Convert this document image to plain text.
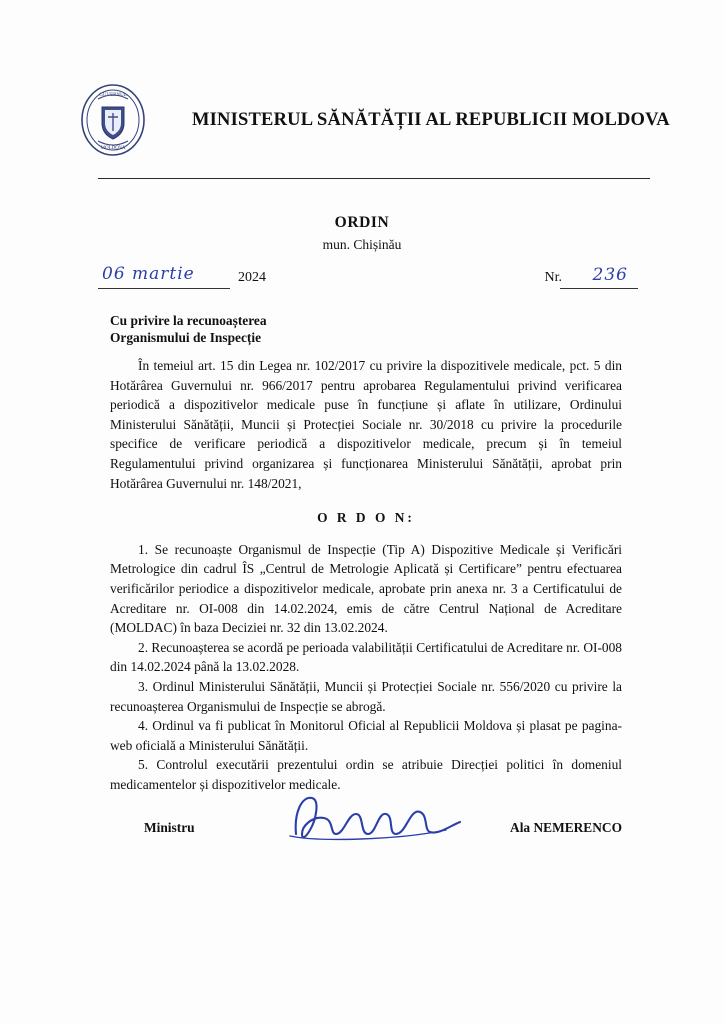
GUVERNUL
MOLDOVA
MINISTERUL SĂNĂTĂȚII AL REPUBLICII MOLDOVA
ORDIN
mun. Chișinău
06 martie	2024	Nr. 236
Cu privire la recunoașterea
Organismului de Inspecție

În temeiul art. 15 din Legea nr. 102/2017 cu privire la dispozitivele medicale, pct. 5 din Hotărârea Guvernului nr. 966/2017 pentru aprobarea Regulamentului privind verificarea periodică a dispozitivelor medicale puse în funcțiune și aflate în utilizare, Ordinului Ministerului Sănătății, Muncii și Protecției Sociale nr. 30/2018 cu privire la procedurile specifice de verificare periodică a dispozitivelor medicale, precum și în temeiul Regulamentului privind organizarea și funcționarea Ministerului Sănătății, aprobat prin Hotărârea Guvernului nr. 148/2021,

O R D O N:

1. Se recunoaște Organismul de Inspecție (Tip A) Dispozitive Medicale și Verificări Metrologice din cadrul ÎS „Centrul de Metrologie Aplicată și Certificare” pentru efectuarea verificărilor periodice a dispozitivelor medicale, aprobate prin anexa nr. 3 a Certificatului de Acreditare nr. OI-008 din 14.02.2024, emis de către Centrul Național de Acreditare (MOLDAC) în baza Deciziei nr. 32 din 13.02.2024.

2. Recunoașterea se acordă pe perioada valabilității Certificatului de Acreditare nr. OI-008 din 14.02.2024 până la 13.02.2028.

3. Ordinul Ministerului Sănătății, Muncii și Protecției Sociale nr. 556/2020 cu privire la recunoașterea Organismului de Inspecție se abrogă.

4. Ordinul va fi publicat în Monitorul Oficial al Republicii Moldova și plasat pe pagina-web oficială a Ministerului Sănătății.

5. Controlul executării prezentului ordin se atribuie Direcției politici în domeniul medicamentelor și dispozitivelor medicale.

Ministru	Ala NEMERENCO
